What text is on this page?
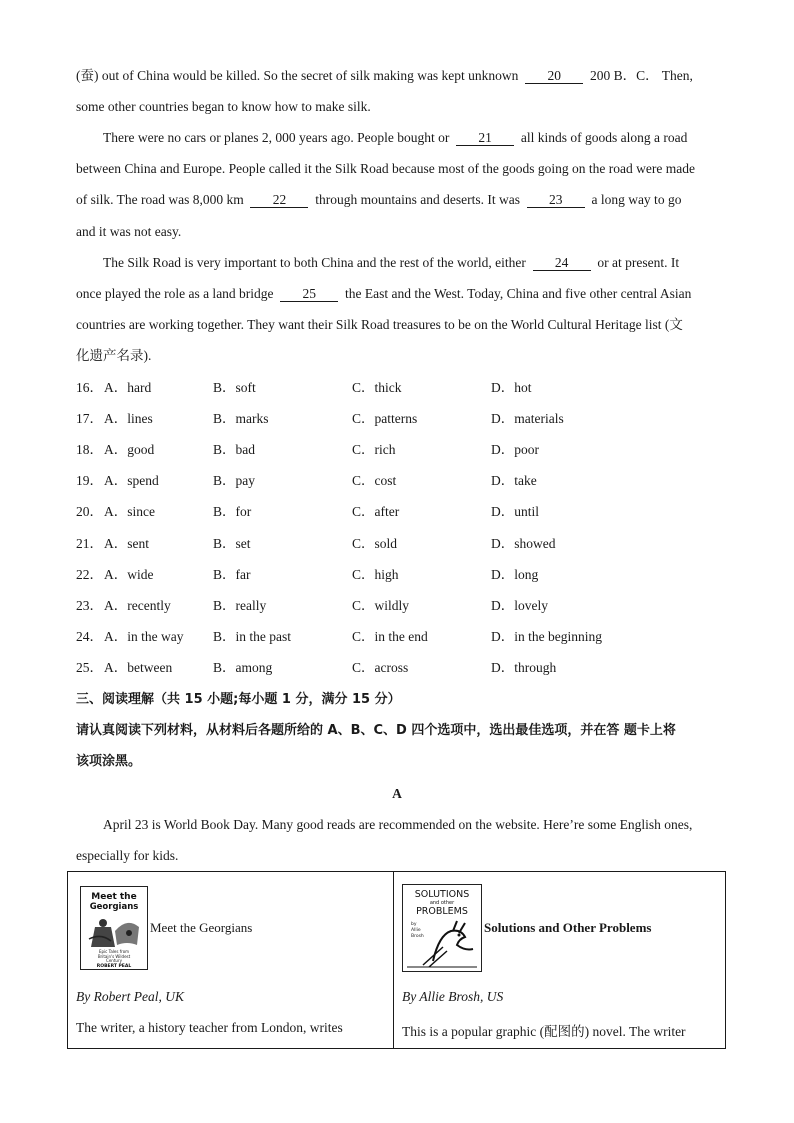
(蚕) out of China would be killed. So the secret of silk making was kept unknown 20 200 B．C． Then,
some other countries began to know how to make silk.
There were no cars or planes 2, 000 years ago. People bought or 21 all kinds of goods along a road
between China and Europe. People called it the Silk Road because most of the goods going on the road were made
of silk. The road was 8,000 km 22 through mountains and deserts. It was 23 a long way to go
and it was not easy.
The Silk Road is very important to both China and the rest of the world, either 24 or at present. It
once played the role as a land bridge 25 the East and the West. Today, China and five other central Asian
countries are working together. They want their Silk Road treasures to be on the World Cultural Heritage list (文
化遗产名录).
16． A．hard	B．soft	C．thick	D．hot
17． A．lines	B．marks	C．patterns	D．materials
18． A．good	B．bad	C．rich	D．poor
19． A．spend	B．pay	C．cost	D．take
20． A．since	B．for	C．after	D．until
21． A．sent	B．set	C．sold	D．showed
22． A．wide	B．far	C．high	D．long
23． A．recently	B．really	C．wildly	D．lovely
24． A．in the way B．in the past	C．in the end	D．in the beginning
25． A．between	B．among	C．across	D．through
三、阅读理解（共 15 小题;每小题 1 分，满分 15 分）
请认真阅读下列材料，从材料后各题所给的 A、B、C、D 四个选项中，选出最佳选项，并在答 题卡上将
该项涂黑。
A
April 23 is World Book Day. Many good reads are recommended on the website. Here’re some English ones,
especially for kids.
Meet the
Georgians
Epic Tales from
Britain's Wildest
Century
ROBERT PEAL
Meet the Georgians
By Robert Peal, UK
The writer, a history teacher from London, writes
SOLUTIONS
and other
PROBLEMS
by
Allie
Brosh
Solutions and Other Problems
By Allie Brosh, US
This is a popular graphic (配图的) novel. The writer
